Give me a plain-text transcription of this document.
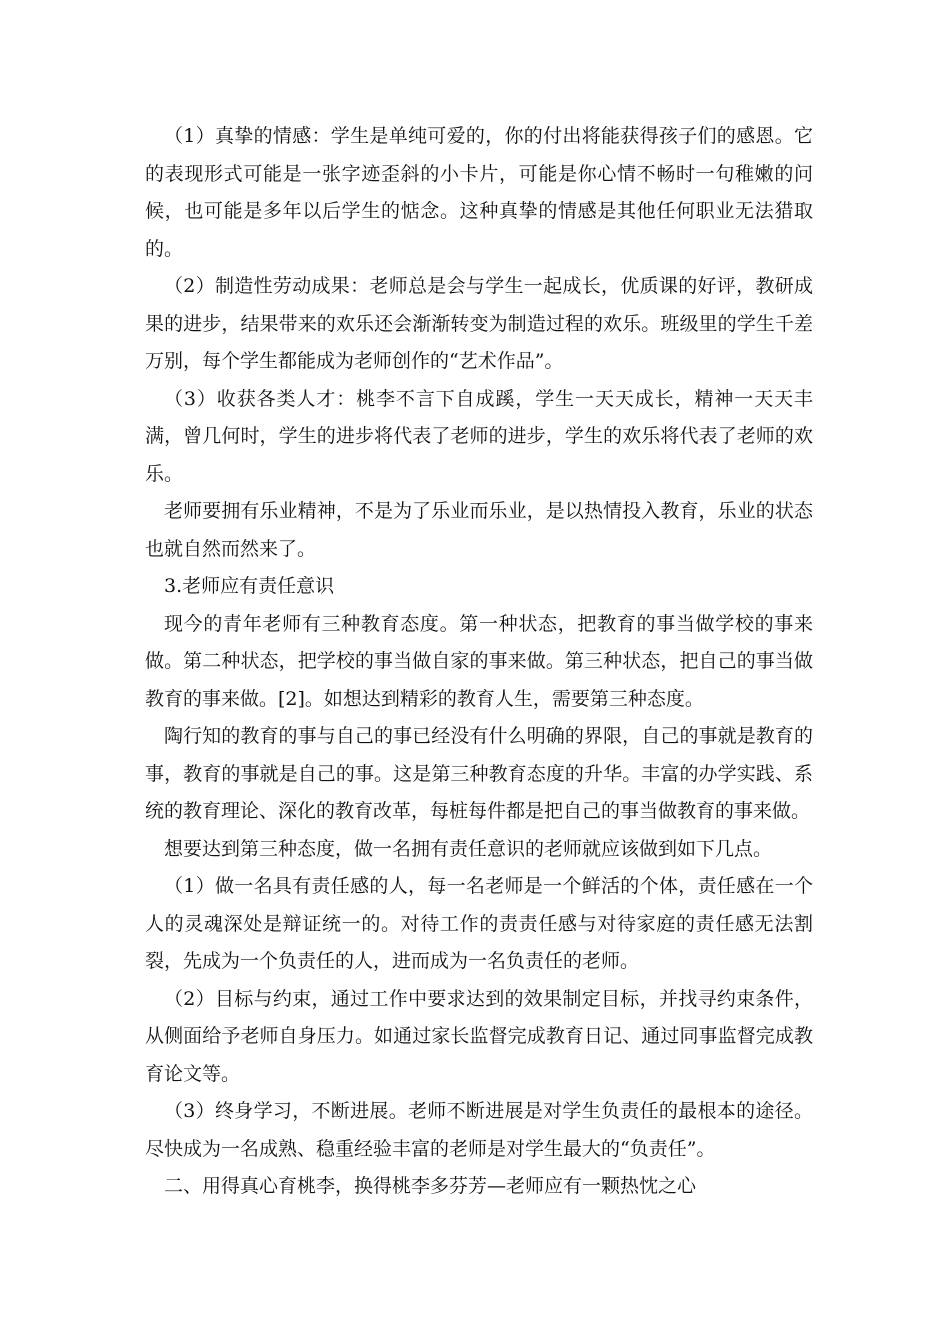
（1）真挚的情感：学生是单纯可爱的，你的付出将能获得孩子们的感恩。它的表现形式可能是一张字迹歪斜的小卡片，可能是你心情不畅时一句稚嫩的问候，也可能是多年以后学生的惦念。这种真挚的情感是其他任何职业无法猎取的。

（2）制造性劳动成果：老师总是会与学生一起成长，优质课的好评，教研成果的进步，结果带来的欢乐还会渐渐转变为制造过程的欢乐。班级里的学生千差万别，每个学生都能成为老师创作的“艺术作品”。

（3）收获各类人才：桃李不言下自成蹊，学生一天天成长，精神一天天丰满，曾几何时，学生的进步将代表了老师的进步，学生的欢乐将代表了老师的欢乐。

老师要拥有乐业精神，不是为了乐业而乐业，是以热情投入教育，乐业的状态也就自然而然来了。

3.老师应有责任意识

现今的青年老师有三种教育态度。第一种状态，把教育的事当做学校的事来做。第二种状态，把学校的事当做自家的事来做。第三种状态，把自己的事当做教育的事来做。[2]。如想达到精彩的教育人生，需要第三种态度。

陶行知的教育的事与自己的事已经没有什么明确的界限，自己的事就是教育的事，教育的事就是自己的事。这是第三种教育态度的升华。丰富的办学实践、系统的教育理论、深化的教育改革，每桩每件都是把自己的事当做教育的事来做。

想要达到第三种态度，做一名拥有责任意识的老师就应该做到如下几点。

（1）做一名具有责任感的人，每一名老师是一个鲜活的个体，责任感在一个人的灵魂深处是辩证统一的。对待工作的责责任感与对待家庭的责任感无法割裂，先成为一个负责任的人，进而成为一名负责任的老师。

（2）目标与约束，通过工作中要求达到的效果制定目标，并找寻约束条件，从侧面给予老师自身压力。如通过家长监督完成教育日记、通过同事监督完成教育论文等。

（3）终身学习，不断进展。老师不断进展是对学生负责任的最根本的途径。尽快成为一名成熟、稳重经验丰富的老师是对学生最大的“负责任”。

二、用得真心育桃李，换得桃李多芬芳—老师应有一颗热忱之心
